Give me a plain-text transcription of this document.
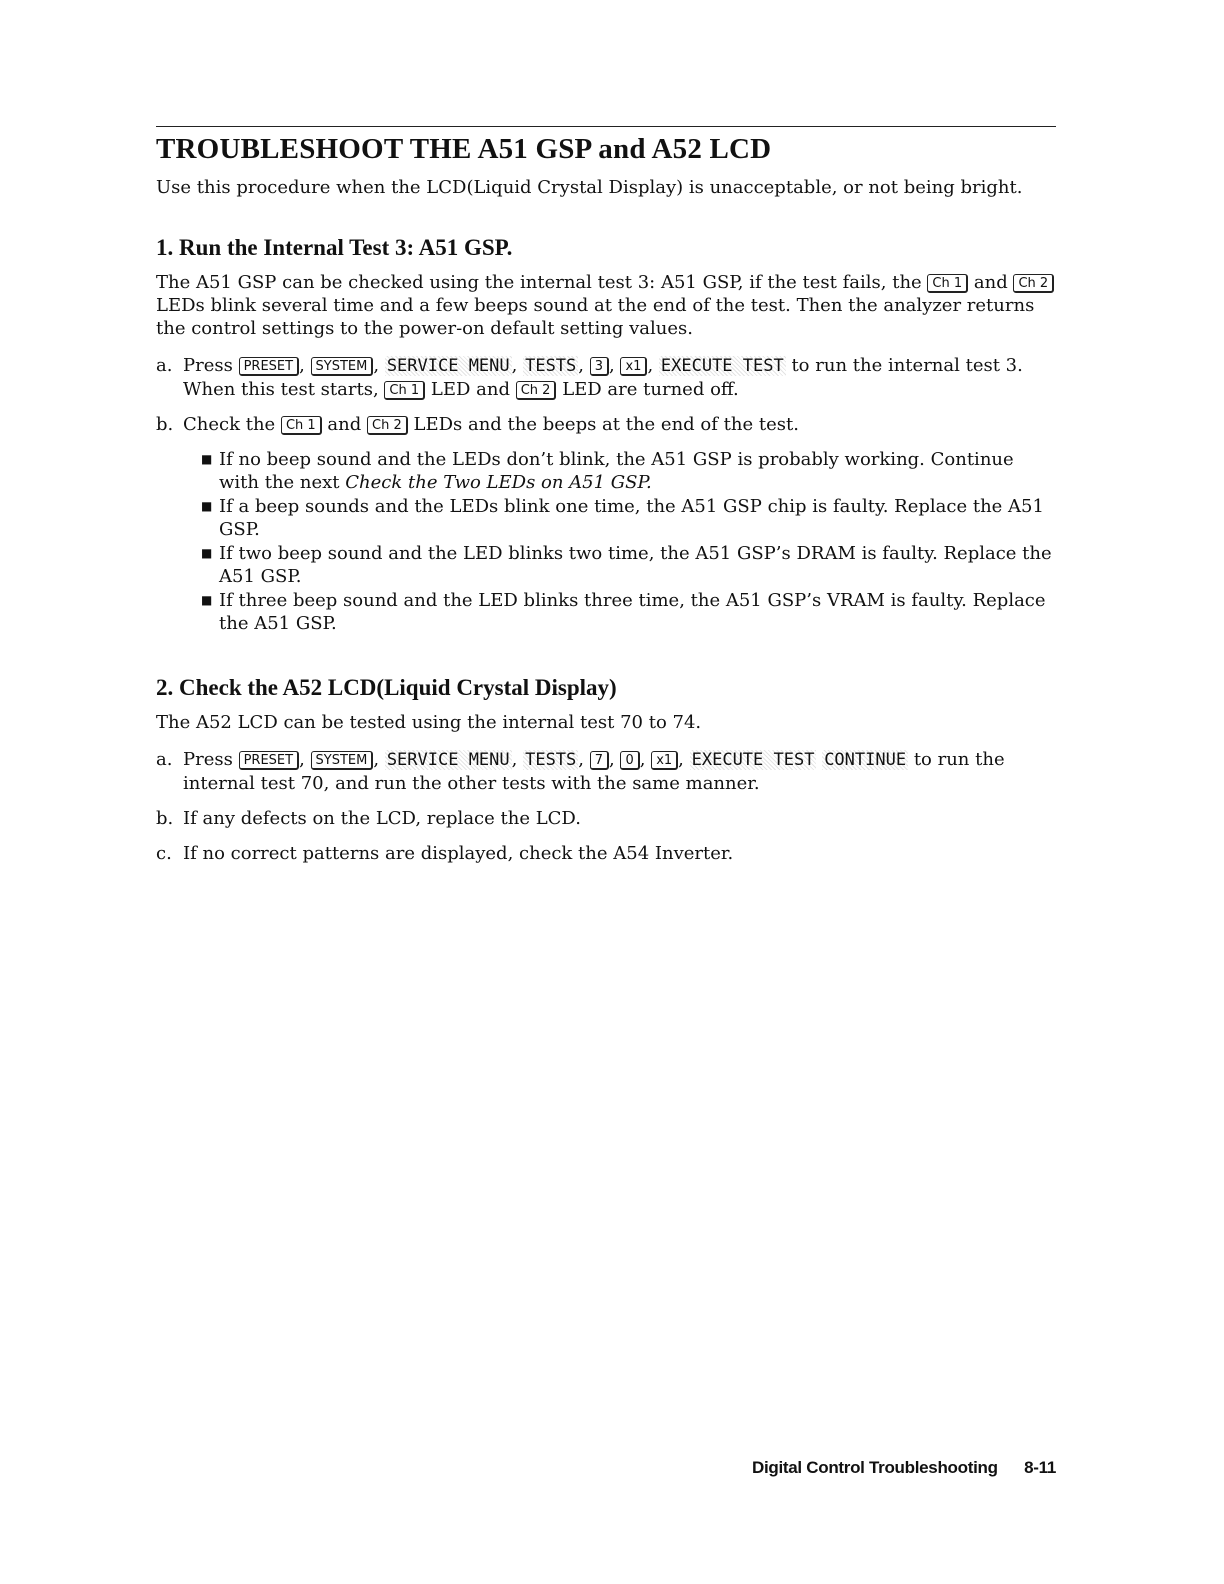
TROUBLESHOOT THE A51 GSP and A52 LCD

Use this procedure when the LCD(Liquid Crystal Display) is unacceptable, or not being bright.

1. Run the Internal Test 3: A51 GSP.

The A51 GSP can be checked using the internal test 3: A51 GSP, if the test fails, the Ch 1 and Ch 2 LEDs blink several time and a few beeps sound at the end of the test. Then the analyzer returns the control settings to the power-on default setting values.

a. Press PRESET , SYSTEM , SERVICE MENU , TESTS , 3 , x1 , EXECUTE TEST to run the internal test 3. When this test starts, Ch 1 LED and Ch 2 LED are turned off.
b. Check the Ch 1 and Ch 2 LEDs and the beeps at the end of the test.
■ If no beep sound and the LEDs don’t blink, the A51 GSP is probably working. Continue with the next Check the Two LEDs on A51 GSP.
■ If a beep sounds and the LEDs blink one time, the A51 GSP chip is faulty. Replace the A51 GSP.
■ If two beep sound and the LED blinks two time, the A51 GSP’s DRAM is faulty. Replace the A51 GSP.
■ If three beep sound and the LED blinks three time, the A51 GSP’s VRAM is faulty. Replace the A51 GSP.
2. Check the A52 LCD(Liquid Crystal Display)

The A52 LCD can be tested using the internal test 70 to 74.

a. Press PRESET , SYSTEM , SERVICE MENU , TESTS , 7 , 0 , x1 , EXECUTE TEST CONTINUE to run the internal test 70, and run the other tests with the same manner.
b. If any defects on the LCD, replace the LCD.
c. If no correct patterns are displayed, check the A54 Inverter.
Digital Control Troubleshooting 8-11
